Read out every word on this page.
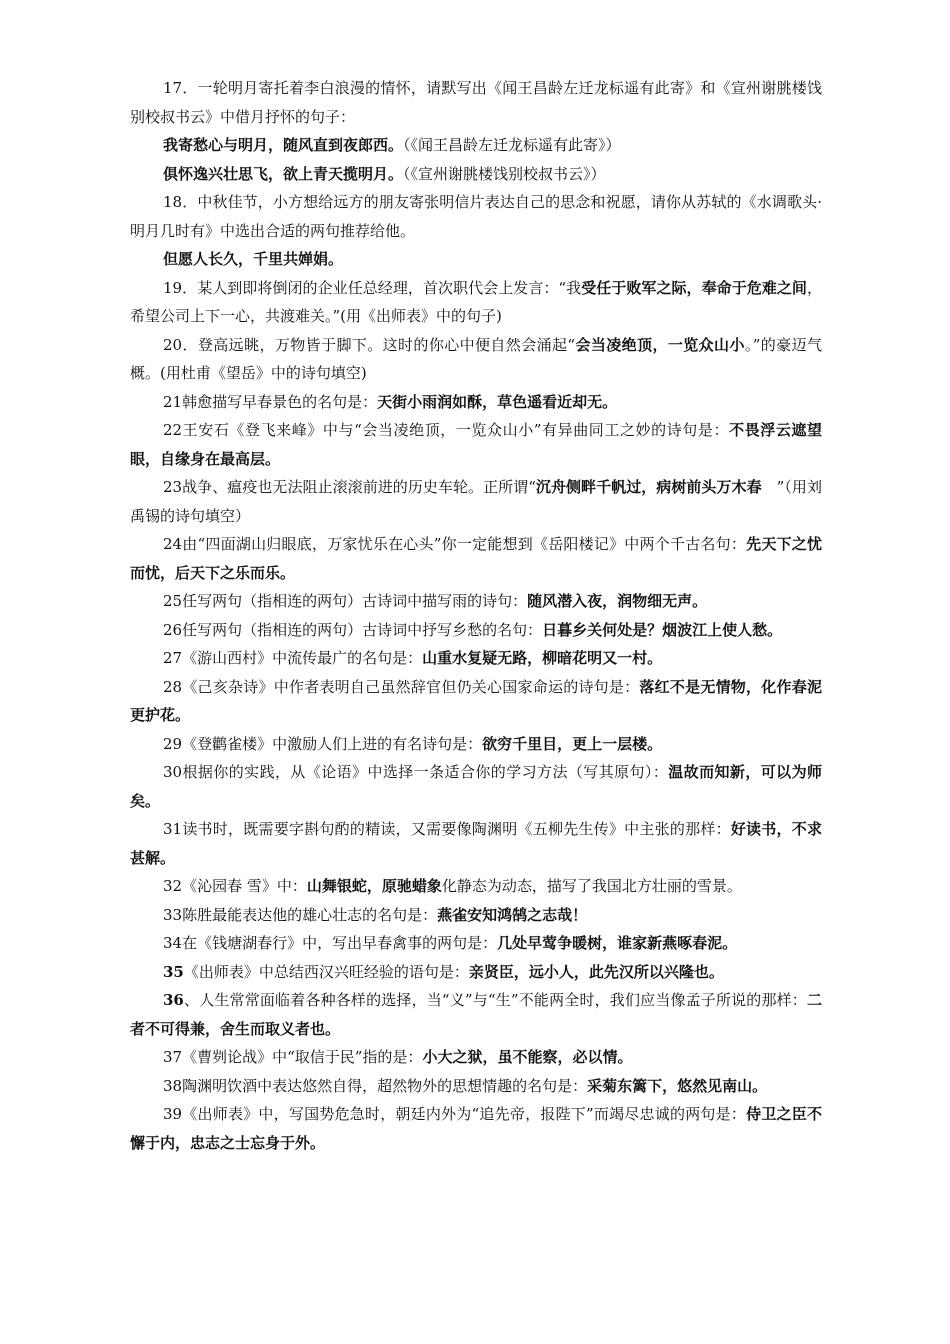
17．一轮明月寄托着李白浪漫的情怀，请默写出《闻王昌龄左迁龙标遥有此寄》和《宣州谢朓楼饯别校叔书云》中借月抒怀的句子：

我寄愁心与明月，随风直到夜郎西。（《闻王昌龄左迁龙标遥有此寄》）

俱怀逸兴壮思飞，欲上青天揽明月。（《宣州谢朓楼饯别校叔书云》）

18．中秋佳节，小方想给远方的朋友寄张明信片表达自己的思念和祝愿，请你从苏轼的《水调歌头·明月几时有》中选出合适的两句推荐给他。

但愿人长久，千里共婵娟。

19．某人到即将倒闭的企业任总经理，首次职代会上发言：“我受任于败军之际，奉命于危难之间，希望公司上下一心，共渡难关。”(用《出师表》中的句子)

20．登高远眺，万物皆于脚下。这时的你心中便自然会涌起“会当凌绝顶，一览众山小。”的豪迈气概。(用杜甫《望岳》中的诗句填空)

21韩愈描写早春景色的名句是：天街小雨润如酥，草色遥看近却无。

22王安石《登飞来峰》中与“会当凌绝顶，一览众山小”有异曲同工之妙的诗句是：不畏浮云遮望眼，自缘身在最高层。

23战争、瘟疫也无法阻止滚滚前进的历史车轮。正所谓“沉舟侧畔千帆过，病树前头万木春　”（用刘禹锡的诗句填空）

24由“四面湖山归眼底，万家忧乐在心头”你一定能想到《岳阳楼记》中两个千古名句：先天下之忧而忧，后天下之乐而乐。

25任写两句（指相连的两句）古诗词中描写雨的诗句：随风潜入夜，润物细无声。

26任写两句（指相连的两句）古诗词中抒写乡愁的名句：日暮乡关何处是？烟波江上使人愁。

27《游山西村》中流传最广的名句是：山重水复疑无路，柳暗花明又一村。

28《己亥杂诗》中作者表明自己虽然辞官但仍关心国家命运的诗句是：落红不是无情物，化作春泥更护花。

29《登鹳雀楼》中激励人们上进的有名诗句是：欲穷千里目，更上一层楼。

30根据你的实践，从《论语》中选择一条适合你的学习方法（写其原句）：温故而知新，可以为师矣。

31读书时，既需要字斟句酌的精读，又需要像陶渊明《五柳先生传》中主张的那样：好读书，不求甚解。

32《沁园春 雪》中：山舞银蛇，原驰蜡象化静态为动态，描写了我国北方壮丽的雪景。

33陈胜最能表达他的雄心壮志的名句是：燕雀安知鸿鹄之志哉！

34在《钱塘湖春行》中，写出早春禽事的两句是：几处早莺争暖树，谁家新燕啄春泥。

35《出师表》中总结西汉兴旺经验的语句是：亲贤臣，远小人，此先汉所以兴隆也。

36、人生常常面临着各种各样的选择，当“义”与“生”不能两全时，我们应当像孟子所说的那样：二者不可得兼，舍生而取义者也。

37《曹刿论战》中“取信于民”指的是：小大之狱，虽不能察，必以情。

38陶渊明饮酒中表达悠然自得，超然物外的思想情趣的名句是：采菊东篱下，悠然见南山。

39《出师表》中，写国势危急时，朝廷内外为“追先帝，报陛下”而竭尽忠诚的两句是：侍卫之臣不懈于内，忠志之士忘身于外。
